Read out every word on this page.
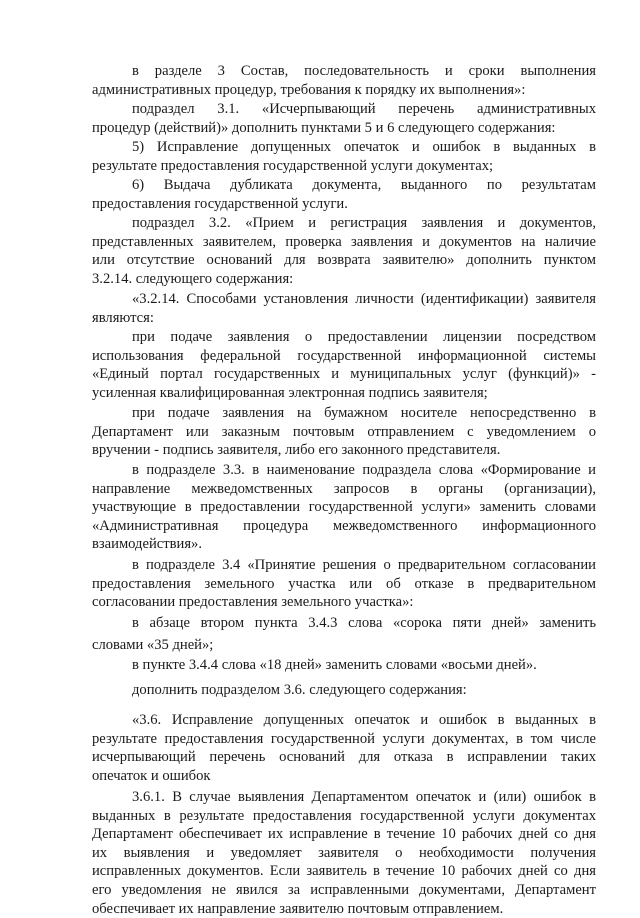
в разделе 3 Состав, последовательность и сроки выполнения
административных процедур, требования к порядку их выполнения»:

подраздел 3.1. «Исчерпывающий перечень административных
процедур (действий)» дополнить пунктами 5 и 6 следующего содержания:

5) Исправление допущенных опечаток и ошибок в выданных в
результате предоставления государственной услуги документах;

6) Выдача дубликата документа, выданного по результатам
предоставления государственной услуги.

подраздел 3.2. «Прием и регистрация заявления и документов,
представленных заявителем, проверка заявления и документов на наличие
или отсутствие оснований для возврата заявителю» дополнить пунктом
3.2.14. следующего содержания:

«3.2.14. Способами установления личности (идентификации) заявителя
являются:

при подаче заявления о предоставлении лицензии посредством
использования федеральной государственной информационной системы
«Единый портал государственных и муниципальных услуг (функций)» -
усиленная квалифицированная электронная подпись заявителя;

при подаче заявления на бумажном носителе непосредственно в
Департамент или заказным почтовым отправлением с уведомлением о
вручении - подпись заявителя, либо его законного представителя.

в подразделе 3.3. в наименование подраздела слова «Формирование и
направление межведомственных запросов в органы (организации),
участвующие в предоставлении государственной услуги» заменить словами
«Административная процедура межведомственного информационного
взаимодействия».

в подразделе 3.4 «Принятие решения о предварительном согласовании
предоставления земельного участка или об отказе в предварительном
согласовании предоставления земельного участка»:

в абзаце втором пункта 3.4.3 слова «сорока пяти дней» заменить
словами «35 дней»;

в пункте 3.4.4 слова «18 дней» заменить словами «восьми дней».

дополнить подразделом 3.6. следующего содержания:

«3.6. Исправление допущенных опечаток и ошибок в выданных в
результате предоставления государственной услуги документах, в том числе
исчерпывающий перечень оснований для отказа в исправлении таких
опечаток и ошибок

3.6.1. В случае выявления Департаментом опечаток и (или) ошибок в
выданных в результате предоставления государственной услуги документах
Департамент обеспечивает их исправление в течение 10 рабочих дней со дня
их выявления и уведомляет заявителя о необходимости получения
исправленных документов. Если заявитель в течение 10 рабочих дней со дня
его уведомления не явился за исправленными документами, Департамент
обеспечивает их направление заявителю почтовым отправлением.
